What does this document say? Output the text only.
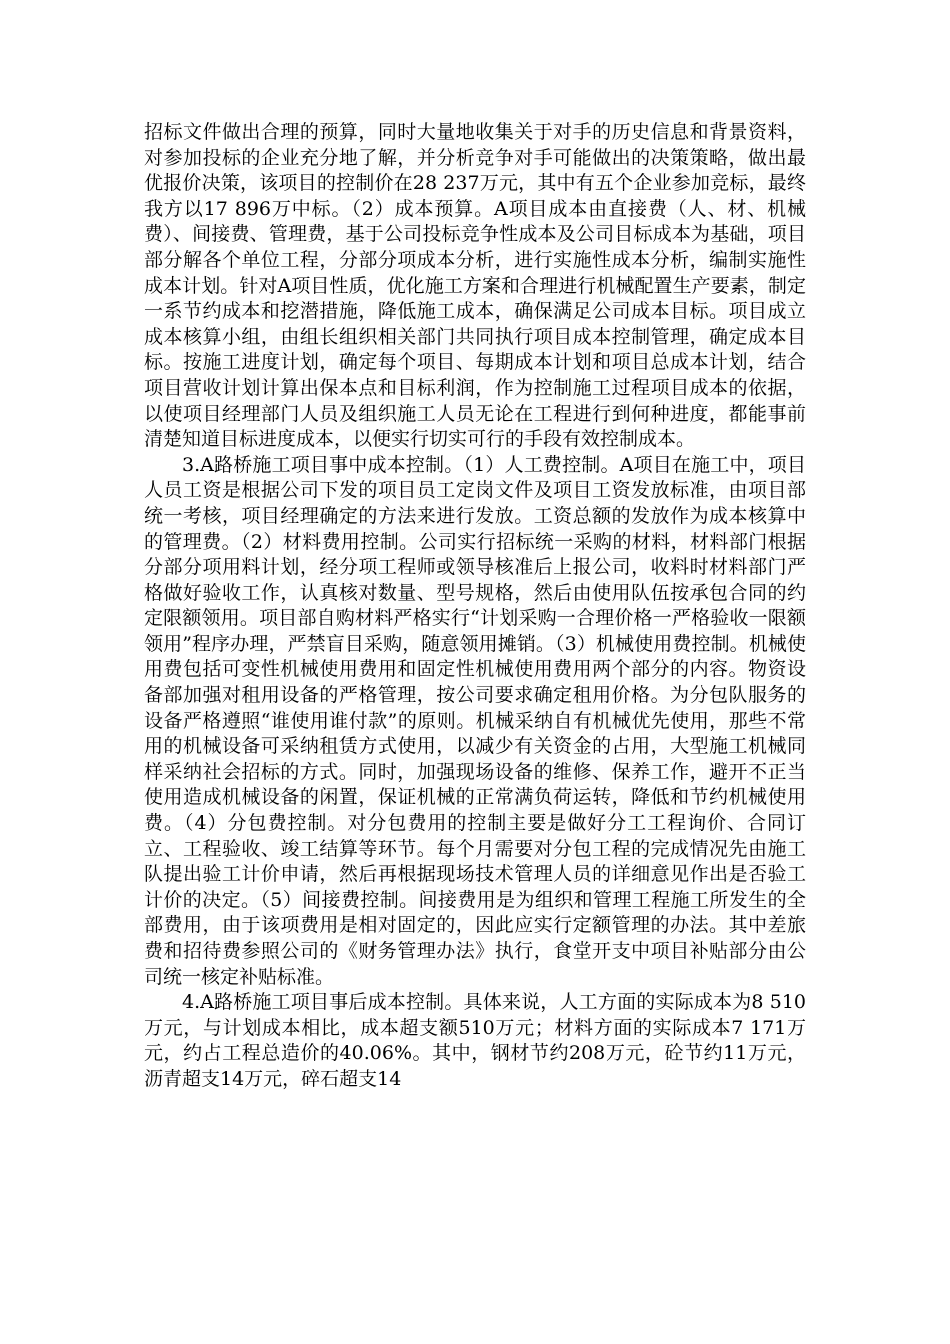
招标文件做出合理的预算，同时大量地收集关于对手的历史信息和背景资料，对参加投标的企业充分地了解，并分析竞争对手可能做出的决策策略，做出最优报价决策，该项目的控制价在28 237万元，其中有五个企业参加竞标，最终我方以17 896万中标。（2）成本预算。A项目成本由直接费（人、材、机械费）、间接费、管理费，基于公司投标竞争性成本及公司目标成本为基础，项目部分解各个单位工程，分部分项成本分析，进行实施性成本分析，编制实施性成本计划。针对A项目性质，优化施工方案和合理进行机械配置生产要素，制定一系节约成本和挖潜措施，降低施工成本，确保满足公司成本目标。项目成立成本核算小组，由组长组织相关部门共同执行项目成本控制管理，确定成本目标。按施工进度计划，确定每个项目、每期成本计划和项目总成本计划，结合项目营收计划计算出保本点和目标利润，作为控制施工过程项目成本的依据，以使项目经理部门人员及组织施工人员无论在工程进行到何种进度，都能事前清楚知道目标进度成本，以便实行切实可行的手段有效控制成本。

3.A路桥施工项目事中成本控制。（1）人工费控制。A项目在施工中，项目人员工资是根据公司下发的项目员工定岗文件及项目工资发放标准，由项目部统一考核，项目经理确定的方法来进行发放。工资总额的发放作为成本核算中的管理费。（2）材料费用控制。公司实行招标统一采购的材料，材料部门根据分部分项用料计划，经分项工程师或领导核准后上报公司，收料时材料部门严格做好验收工作，认真核对数量、型号规格，然后由使用队伍按承包合同的约定限额领用。项目部自购材料严格实行“计划采购一合理价格一严格验收一限额领用”程序办理，严禁盲目采购，随意领用摊销。（3）机械使用费控制。机械使用费包括可变性机械使用费用和固定性机械使用费用两个部分的内容。物资设备部加强对租用设备的严格管理，按公司要求确定租用价格。为分包队服务的设备严格遵照“谁使用谁付款”的原则。机械采纳自有机械优先使用，那些不常用的机械设备可采纳租赁方式使用，以减少有关资金的占用，大型施工机械同样采纳社会招标的方式。同时，加强现场设备的维修、保养工作，避开不正当使用造成机械设备的闲置，保证机械的正常满负荷运转，降低和节约机械使用费。（4）分包费控制。对分包费用的控制主要是做好分工工程询价、合同订立、工程验收、竣工结算等环节。每个月需要对分包工程的完成情况先由施工队提出验工计价申请，然后再根据现场技术管理人员的详细意见作出是否验工计价的决定。（5）间接费控制。间接费用是为组织和管理工程施工所发生的全部费用，由于该项费用是相对固定的，因此应实行定额管理的办法。其中差旅费和招待费参照公司的《财务管理办法》执行，食堂开支中项目补贴部分由公司统一核定补贴标准。

4.A路桥施工项目事后成本控制。具体来说，人工方面的实际成本为8 510万元，与计划成本相比，成本超支额510万元；材料方面的实际成本7 171万元，约占工程总造价的40.06%。其中，钢材节约208万元，砼节约11万元，沥青超支14万元，碎石超支14
